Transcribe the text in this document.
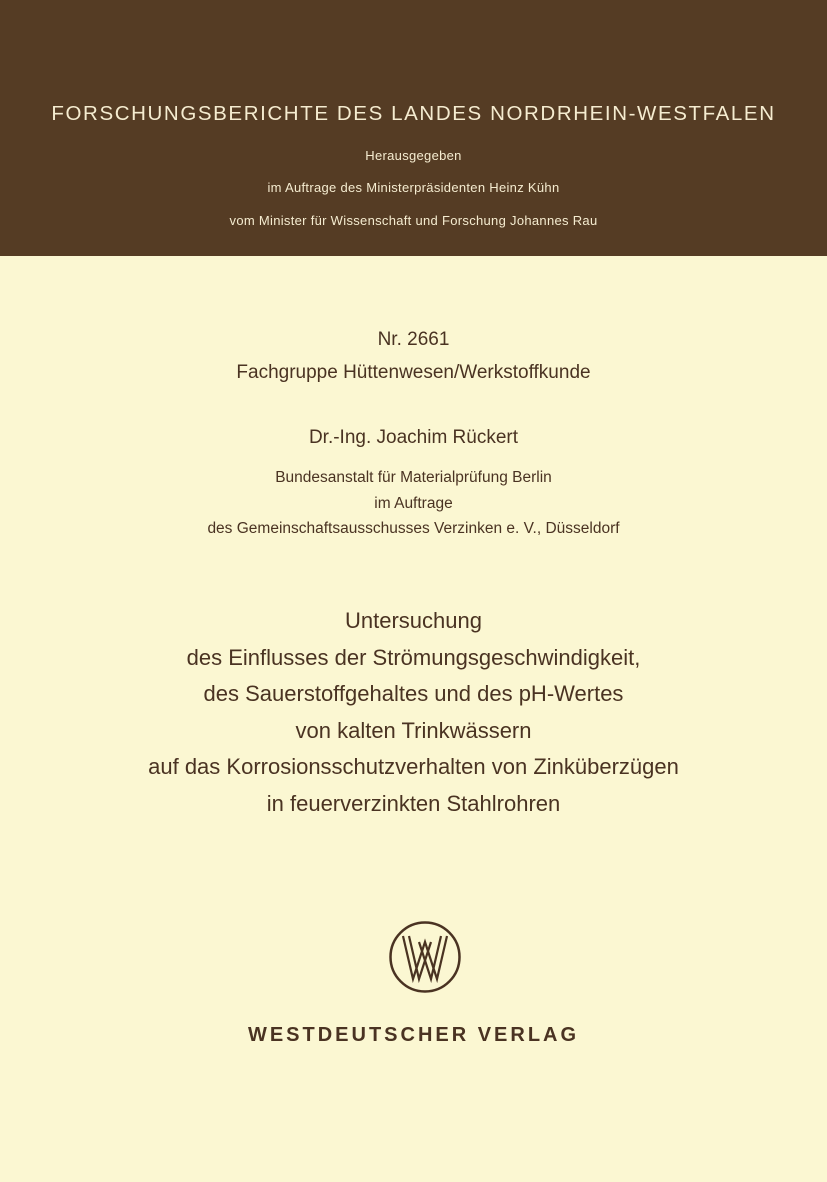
FORSCHUNGSBERICHTE DES LANDES NORDRHEIN-WESTFALEN
Herausgegeben
im Auftrage des Ministerpräsidenten Heinz Kühn
vom Minister für Wissenschaft und Forschung Johannes Rau
Nr. 2661
Fachgruppe Hüttenwesen/Werkstoffkunde
Dr.-Ing. Joachim Rückert
Bundesanstalt für Materialprüfung Berlin
im Auftrage
des Gemeinschaftsausschusses Verzinken e. V., Düsseldorf
Untersuchung
des Einflusses der Strömungsgeschwindigkeit,
des Sauerstoffgehaltes und des pH-Wertes
von kalten Trinkwässern
auf das Korrosionsschutzverhalten von Zinküberzügen
in feuerverzinkten Stahlrohren
WESTDEUTSCHER VERLAG
